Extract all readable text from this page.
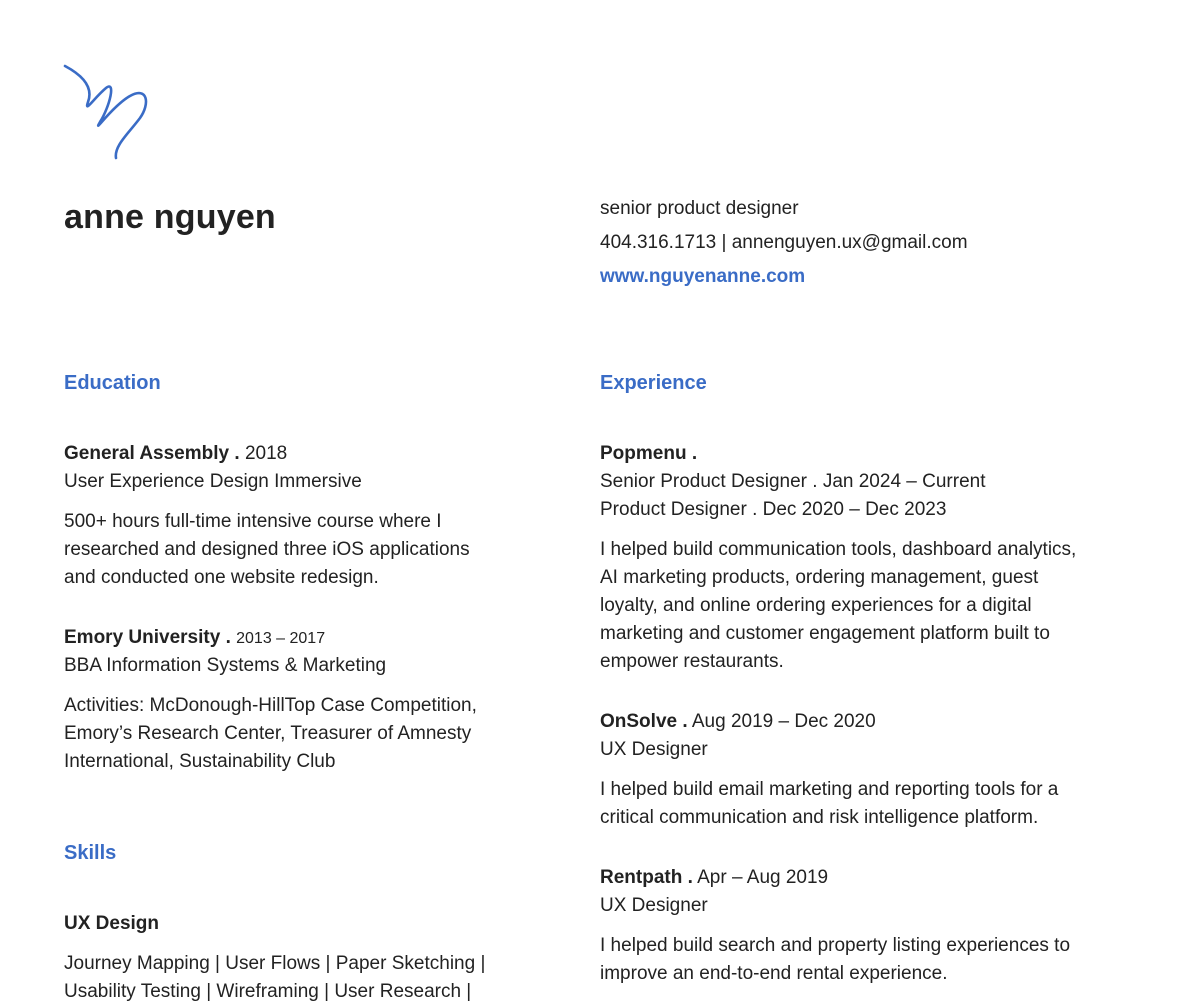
anne nguyen	senior product designer
404.316.1713 | annenguyen.ux@gmail.com
www.nguyenanne.com
Education	Experience
General Assembly . 2018
User Experience Design Immersive
500+ hours full-time intensive course where I
researched and designed three iOS applications
and conducted one website redesign.
Emory University . 2013 – 2017
BBA Information Systems & Marketing
Activities: McDonough-HillTop Case Competition,
Emory’s Research Center, Treasurer of Amnesty
International, Sustainability Club
Skills
UX Design
Journey Mapping | User Flows | Paper Sketching |
Usability Testing | Wireframing | User Research |
Popmenu .
Senior Product Designer . Jan 2024 – Current
Product Designer . Dec 2020 – Dec 2023
I helped build communication tools, dashboard analytics,
AI marketing products, ordering management, guest
loyalty, and online ordering experiences for a digital
marketing and customer engagement platform built to
empower restaurants.
OnSolve . Aug 2019 – Dec 2020
UX Designer
I helped build email marketing and reporting tools for a
critical communication and risk intelligence platform.
Rentpath . Apr – Aug 2019
UX Designer
I helped build search and property listing experiences to
improve an end-to-end rental experience.
